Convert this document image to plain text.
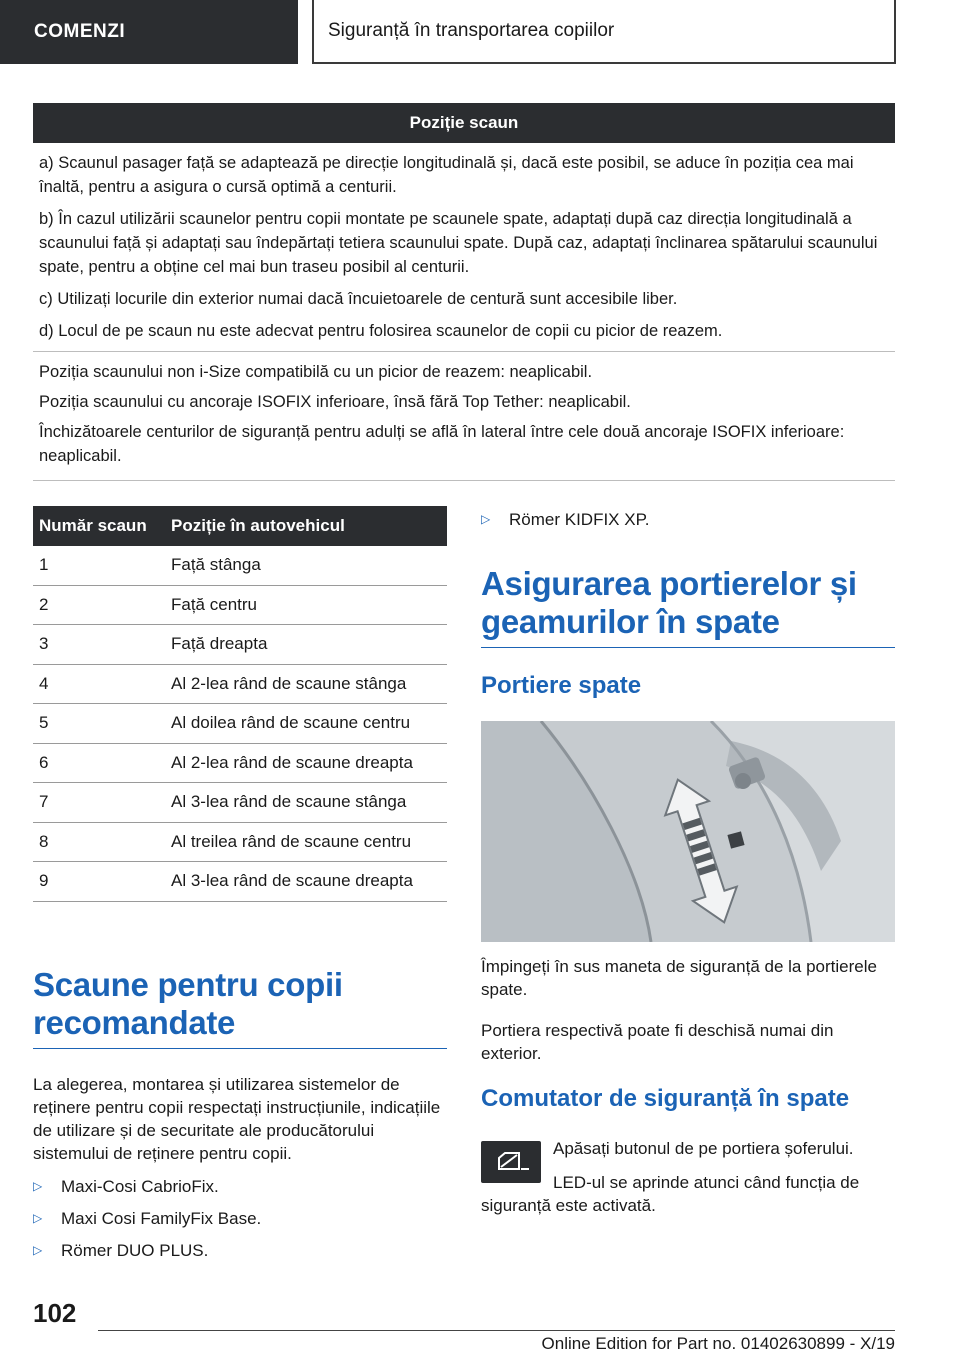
COMENZI	Siguranță în transportarea copiilor
Poziție scaun

a) Scaunul pasager față se adaptează pe direcție longitudinală și, dacă este posibil, se aduce în poziția cea mai înaltă, pentru a asigura o cursă optimă a centurii.

b) În cazul utilizării scaunelor pentru copii montate pe scaunele spate, adaptați după caz direcția longitudinală a scaunului față și adaptați sau îndepărtați tetiera scaunului spate. După caz, adaptați înclinarea spătarului scaunului spate, pentru a obține cel mai bun traseu posibil al centurii.

c) Utilizați locurile din exterior numai dacă încuietoarele de centură sunt accesibile liber.

d) Locul de pe scaun nu este adecvat pentru folosirea scaunelor de copii cu picior de reazem.

Poziția scaunului non i-Size compatibilă cu un picior de reazem: neaplicabil.

Poziția scaunului cu ancoraje ISOFIX inferioare, însă fără Top Tether: neaplicabil.

Închizătoarele centurilor de siguranță pentru adulți se află în lateral între cele două ancoraje ISOFIX inferioare: neaplicabil.

Număr scaun	Poziție în autovehicul
1	Față stânga
2	Față centru
3	Față dreapta
4	Al 2-lea rând de scaune stânga
5	Al doilea rând de scaune centru
6	Al 2-lea rând de scaune dreapta
7	Al 3-lea rând de scaune stânga
8	Al treilea rând de scaune centru
9	Al 3-lea rând de scaune dreapta
Scaune pentru copii recomandate

La alegerea, montarea și utilizarea sistemelor de reținere pentru copii respectați instrucțiunile, indicațiile de utilizare și de securitate ale producătorului sistemului de reținere pentru copii.

▷	Maxi-Cosi CabrioFix.
▷	Maxi Cosi FamilyFix Base.
▷	Römer DUO PLUS.
▷	Römer KIDFIX XP.
Asigurarea portierelor și geamurilor în spate
Portiere spate

Împingeți în sus maneta de siguranță de la portierele spate.

Portiera respectivă poate fi deschisă numai din exterior.

Comutator de siguranță în spate

Apăsați butonul de pe portiera șoferului.

LED-ul se aprinde atunci când funcția de siguranță este activată.

102
Online Edition for Part no. 01402630899 - X/19
